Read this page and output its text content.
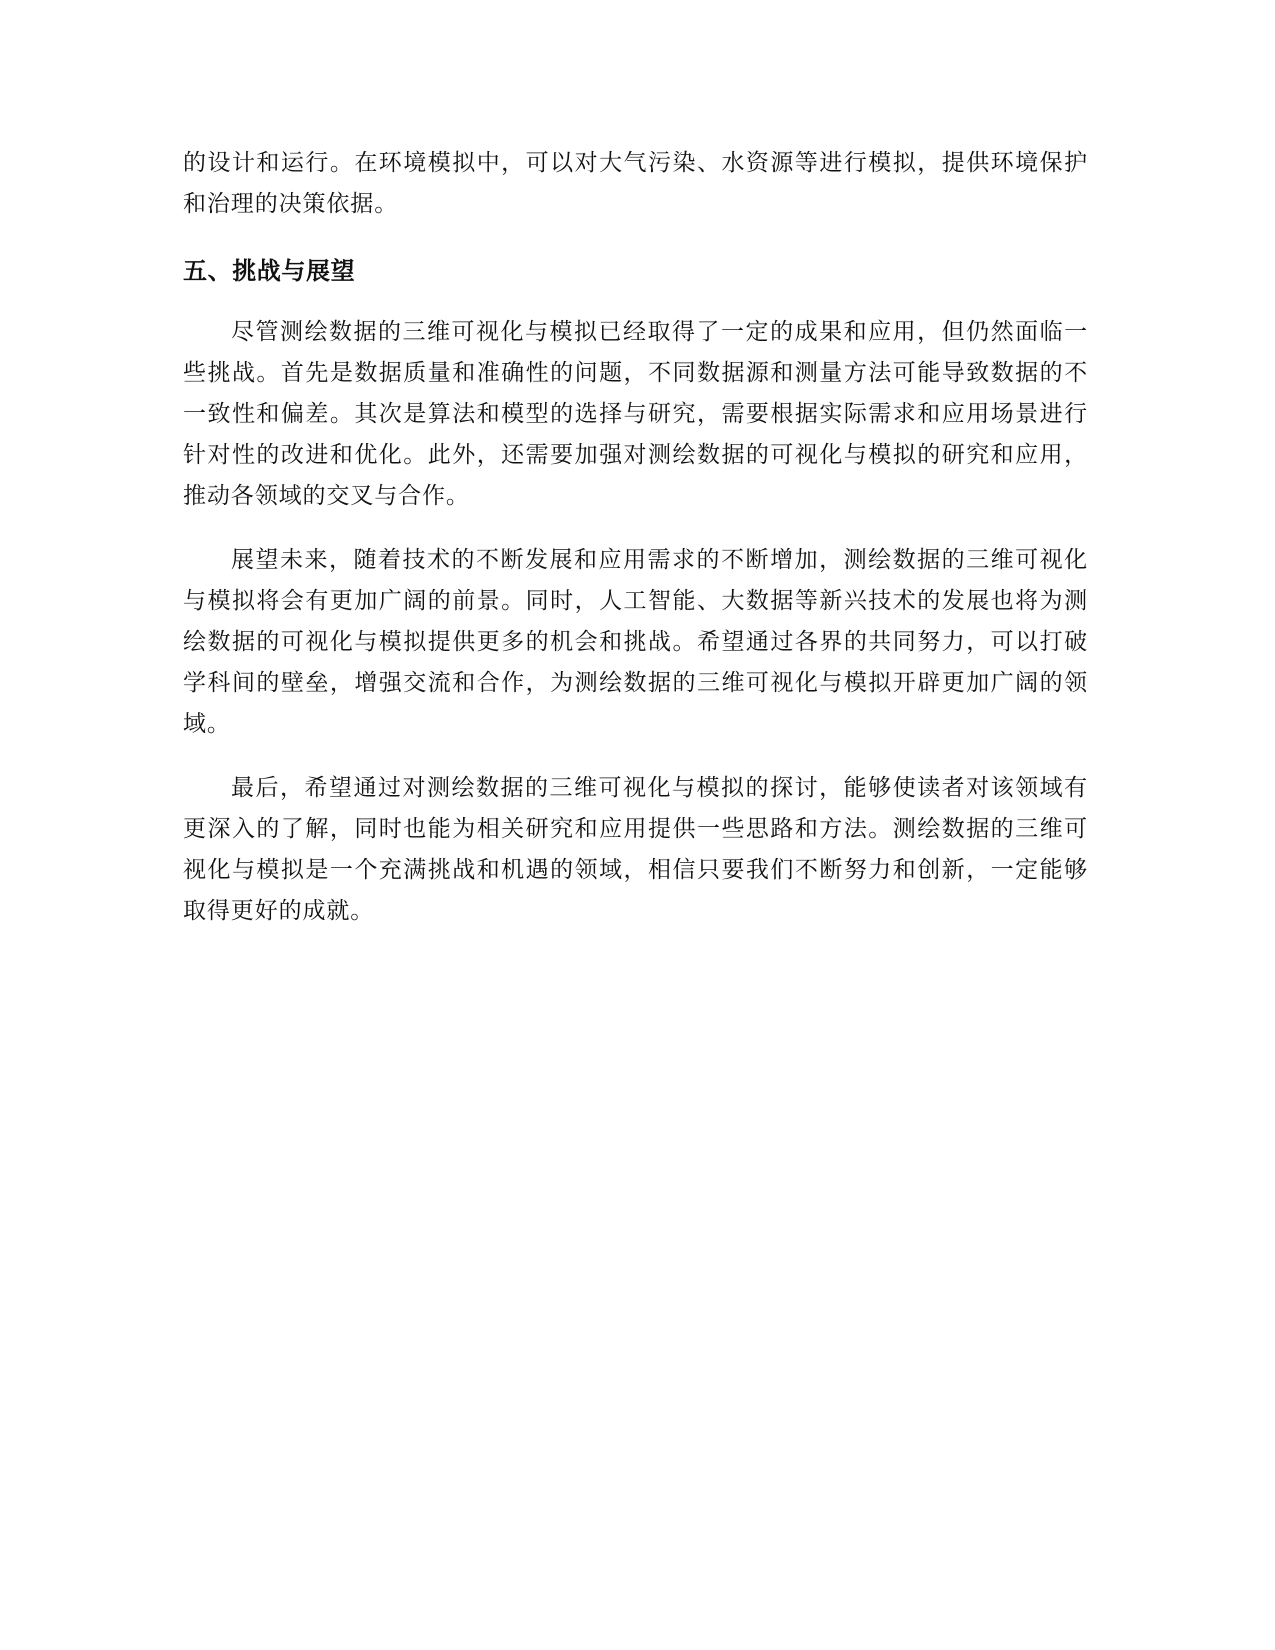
的设计和运行。在环境模拟中，可以对大气污染、水资源等进行模拟，提供环境保护和治理的决策依据。

五、挑战与展望

尽管测绘数据的三维可视化与模拟已经取得了一定的成果和应用，但仍然面临一些挑战。首先是数据质量和准确性的问题，不同数据源和测量方法可能导致数据的不一致性和偏差。其次是算法和模型的选择与研究，需要根据实际需求和应用场景进行针对性的改进和优化。此外，还需要加强对测绘数据的可视化与模拟的研究和应用，推动各领域的交叉与合作。

展望未来，随着技术的不断发展和应用需求的不断增加，测绘数据的三维可视化与模拟将会有更加广阔的前景。同时，人工智能、大数据等新兴技术的发展也将为测绘数据的可视化与模拟提供更多的机会和挑战。希望通过各界的共同努力，可以打破学科间的壁垒，增强交流和合作，为测绘数据的三维可视化与模拟开辟更加广阔的领域。

最后，希望通过对测绘数据的三维可视化与模拟的探讨，能够使读者对该领域有更深入的了解，同时也能为相关研究和应用提供一些思路和方法。测绘数据的三维可视化与模拟是一个充满挑战和机遇的领域，相信只要我们不断努力和创新，一定能够取得更好的成就。
